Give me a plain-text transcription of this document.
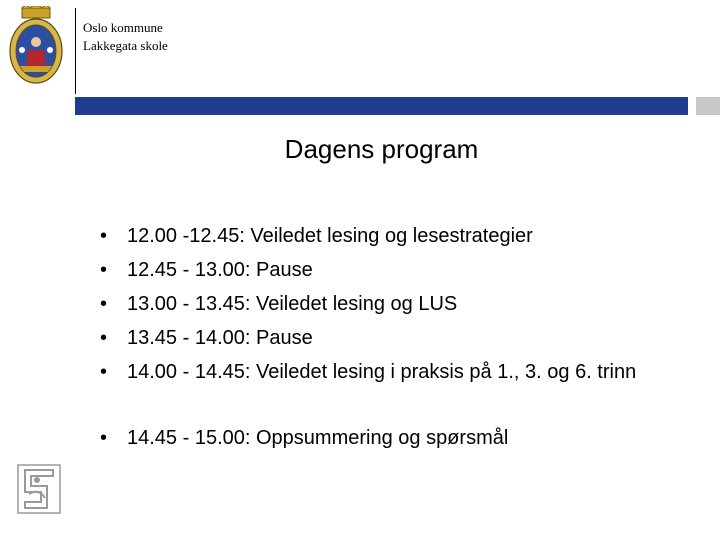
Oslo kommune
Lakkegata skole
Dagens program
• 12.00 -12.45: Veiledet lesing og lesestrategier
• 12.45 - 13.00: Pause
• 13.00 - 13.45: Veiledet lesing og LUS
• 13.45 - 14.00: Pause
• 14.00 - 14.45: Veiledet lesing i praksis på 1., 3. og 6. trinn
• 14.45 - 15.00: Oppsummering og spørsmål
